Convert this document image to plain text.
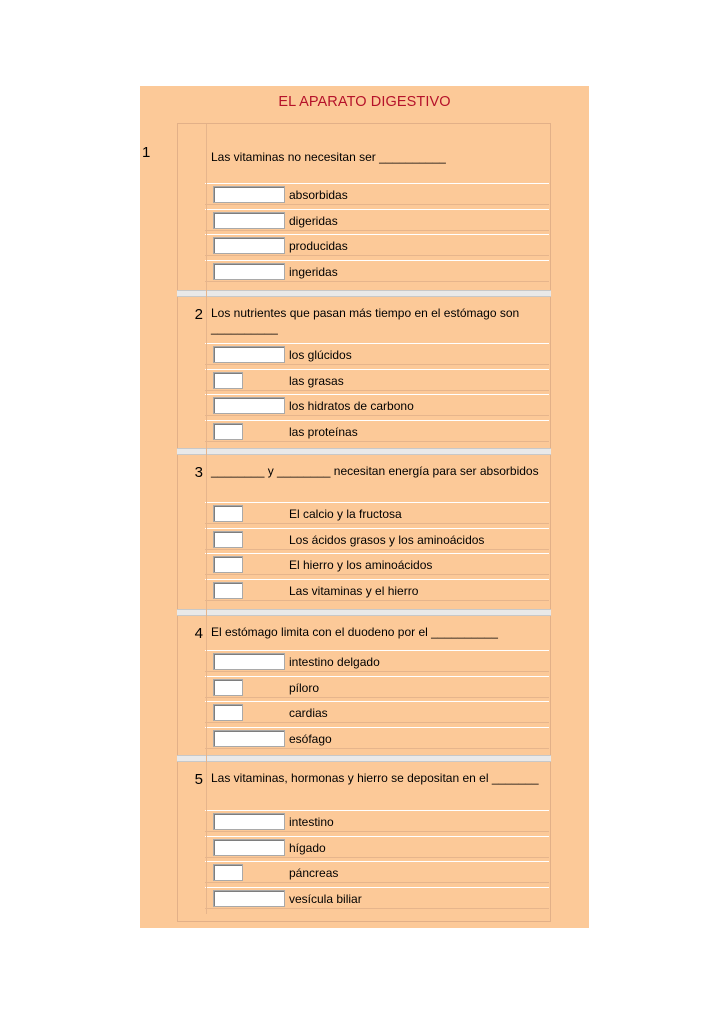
EL APARATO DIGESTIVO
1	Las vitaminas no necesitan ser __________
absorbidas
digeridas
producidas
ingeridas
2 Los nutrientes que pasan más tiempo en el estómago son __________
los glúcidos
las grasas
los hidratos de carbono
las proteínas
3 ________ y ________ necesitan energía para ser absorbidos
El calcio y la fructosa
Los ácidos grasos y los aminoácidos
El hierro y los aminoácidos
Las vitaminas y el hierro
4 El estómago limita con el duodeno por el __________
intestino delgado
píloro
cardias
esófago
5 Las vitaminas, hormonas y hierro se depositan en el _______
intestino
hígado
páncreas
vesícula biliar
